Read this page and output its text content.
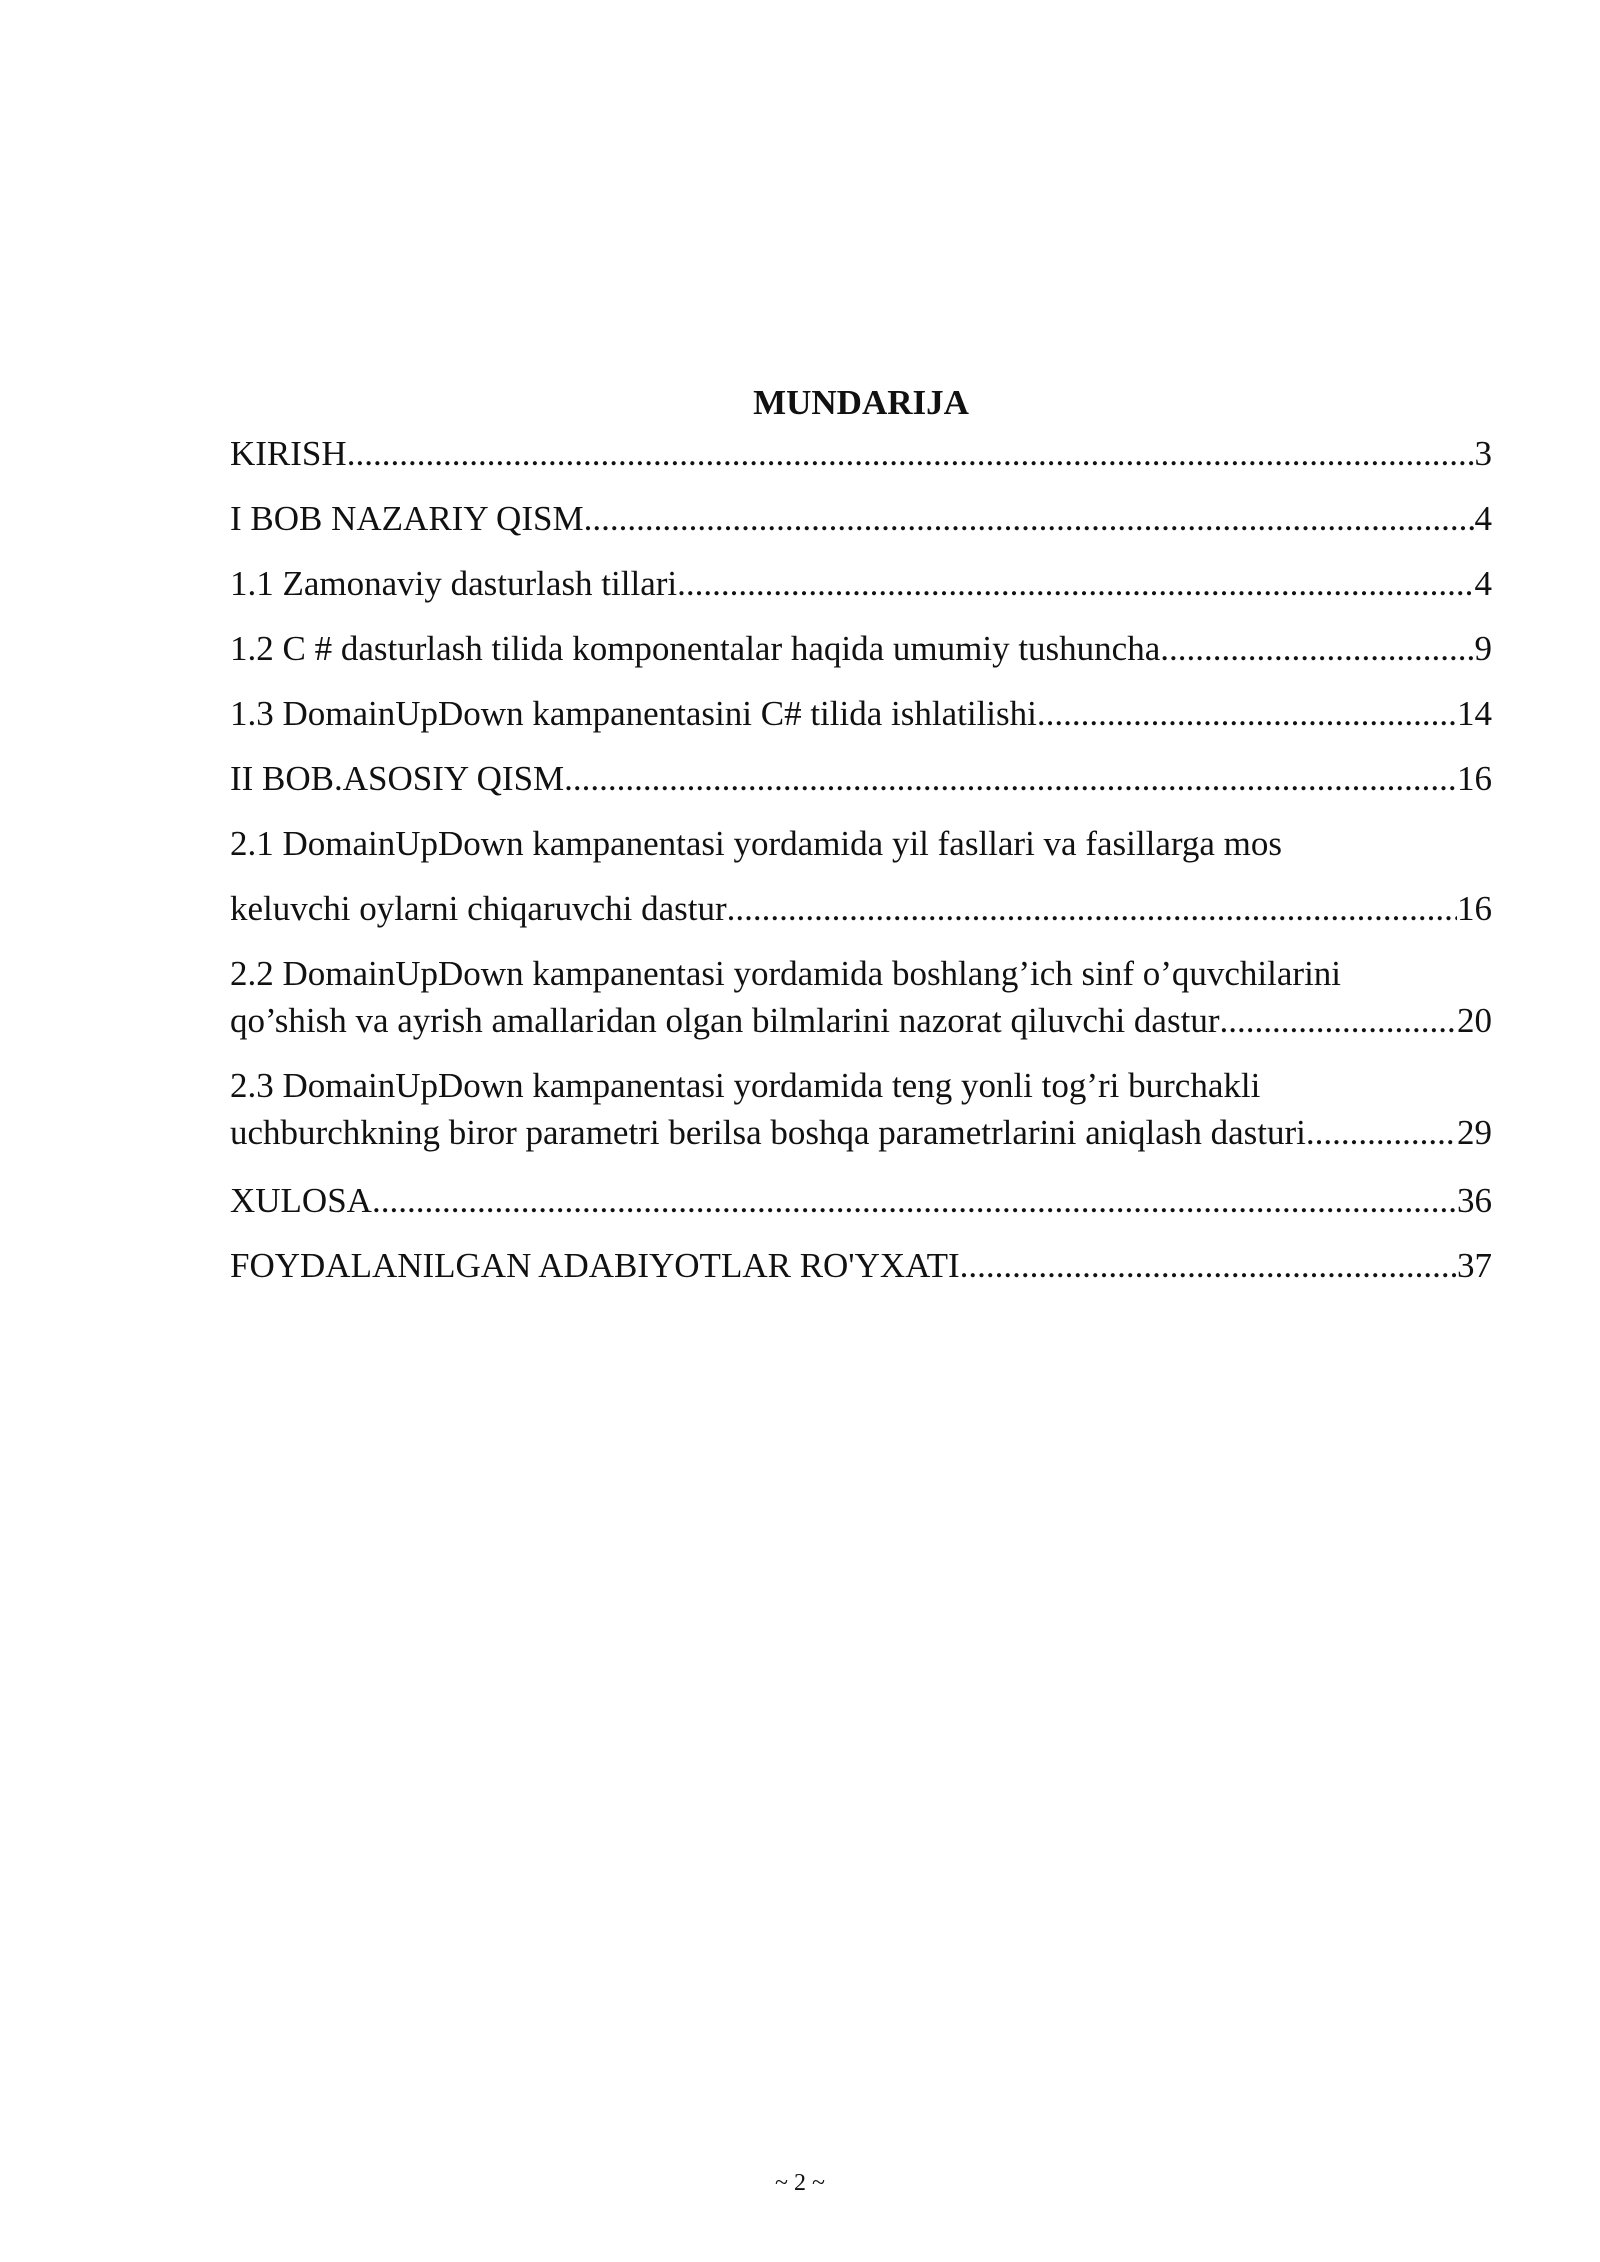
MUNDARIJA
KIRISH .....	3
I BOB NAZARIY QISM .....	4
1.1 Zamonaviy dasturlash tillari .....	4
1.2 C # dasturlash tilida komponentalar haqida umumiy tushuncha .....	9
1.3 DomainUpDown kampanentasini C# tilida ishlatilishi .....	14
II BOB.ASOSIY QISM .....	16
2.1 DomainUpDown kampanentasi yordamida yil fasllari va fasillarga mos
keluvchi oylarni chiqaruvchi dastur .....	16
2.2 DomainUpDown kampanentasi yordamida boshlang’ich sinf o’quvchilarini
qo’shish va ayrish amallaridan olgan bilmlarini nazorat qiluvchi dastur .....	20
2.3 DomainUpDown kampanentasi yordamida teng yonli tog’ri burchakli
uchburchkning biror parametri berilsa boshqa parametrlarini aniqlash dasturi .....	29
XULOSA .....	36
FOYDALANILGAN ADABIYOTLAR RO'YXATI .....	37
~ 2 ~
